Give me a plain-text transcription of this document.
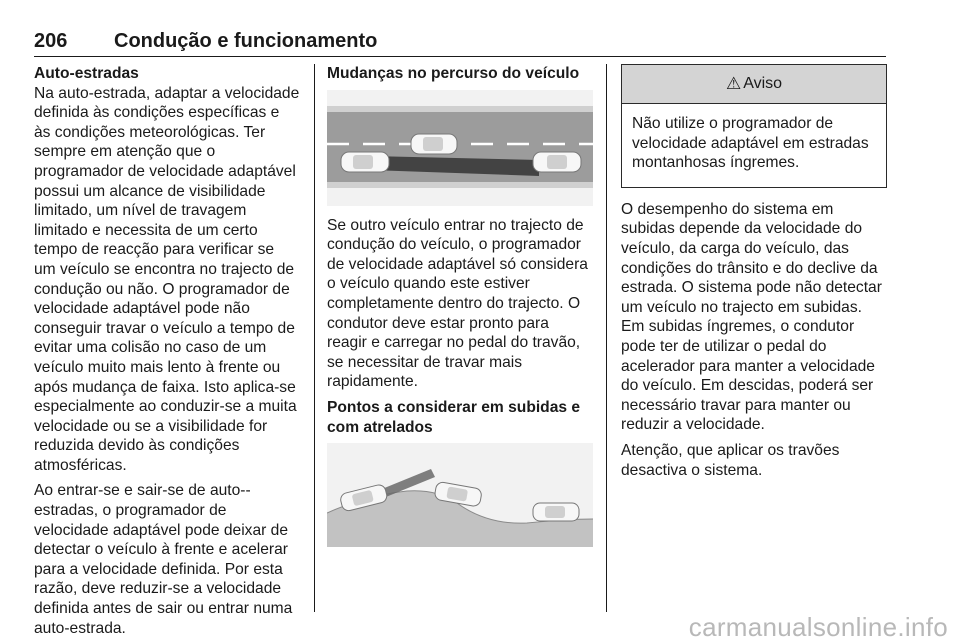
206 Condução e funcionamento
Auto-estradas

Na auto-estrada, adaptar a velocidade definida às condições específicas e às condições meteorológicas. Ter sempre em atenção que o programador de velocidade adaptável possui um alcance de visibilidade limitado, um nível de travagem limitado e necessita de um certo tempo de reacção para verificar se um veículo se encontra no trajecto de condução ou não. O programador de velocidade adaptável pode não conseguir travar o veículo a tempo de evitar uma colisão no caso de um veículo muito mais lento à frente ou após mudança de faixa. Isto aplica-se especialmente ao conduzir-se a muita velocidade ou se a visibilidade for reduzida devido às condições atmosféricas.

Ao entrar-se e sair-se de auto--estradas, o programador de velocidade adaptável pode deixar de detectar o veículo à frente e acelerar para a velocidade definida. Por esta razão, deve reduzir-se a velocidade definida antes de sair ou entrar numa auto-estrada.

Mudanças no percurso do veículo

Se outro veículo entrar no trajecto de condução do veículo, o programador de velocidade adaptável só considera o veículo quando este estiver completamente dentro do trajecto. O condutor deve estar pronto para reagir e carregar no pedal do travão, se necessitar de travar mais rapidamente.

Pontos a considerar em subidas e com atrelados
⚠ Aviso
Não utilize o programador de velocidade adaptável em estradas montanhosas íngremes.

O desempenho do sistema em subidas depende da velocidade do veículo, da carga do veículo, das condições do trânsito e do declive da estrada. O sistema pode não detectar um veículo no trajecto em subidas. Em subidas íngremes, o condutor pode ter de utilizar o pedal do acelerador para manter a velocidade do veículo. Em descidas, poderá ser necessário travar para manter ou reduzir a velocidade.

Atenção, que aplicar os travões desactiva o sistema.

carmanualsonline.info
